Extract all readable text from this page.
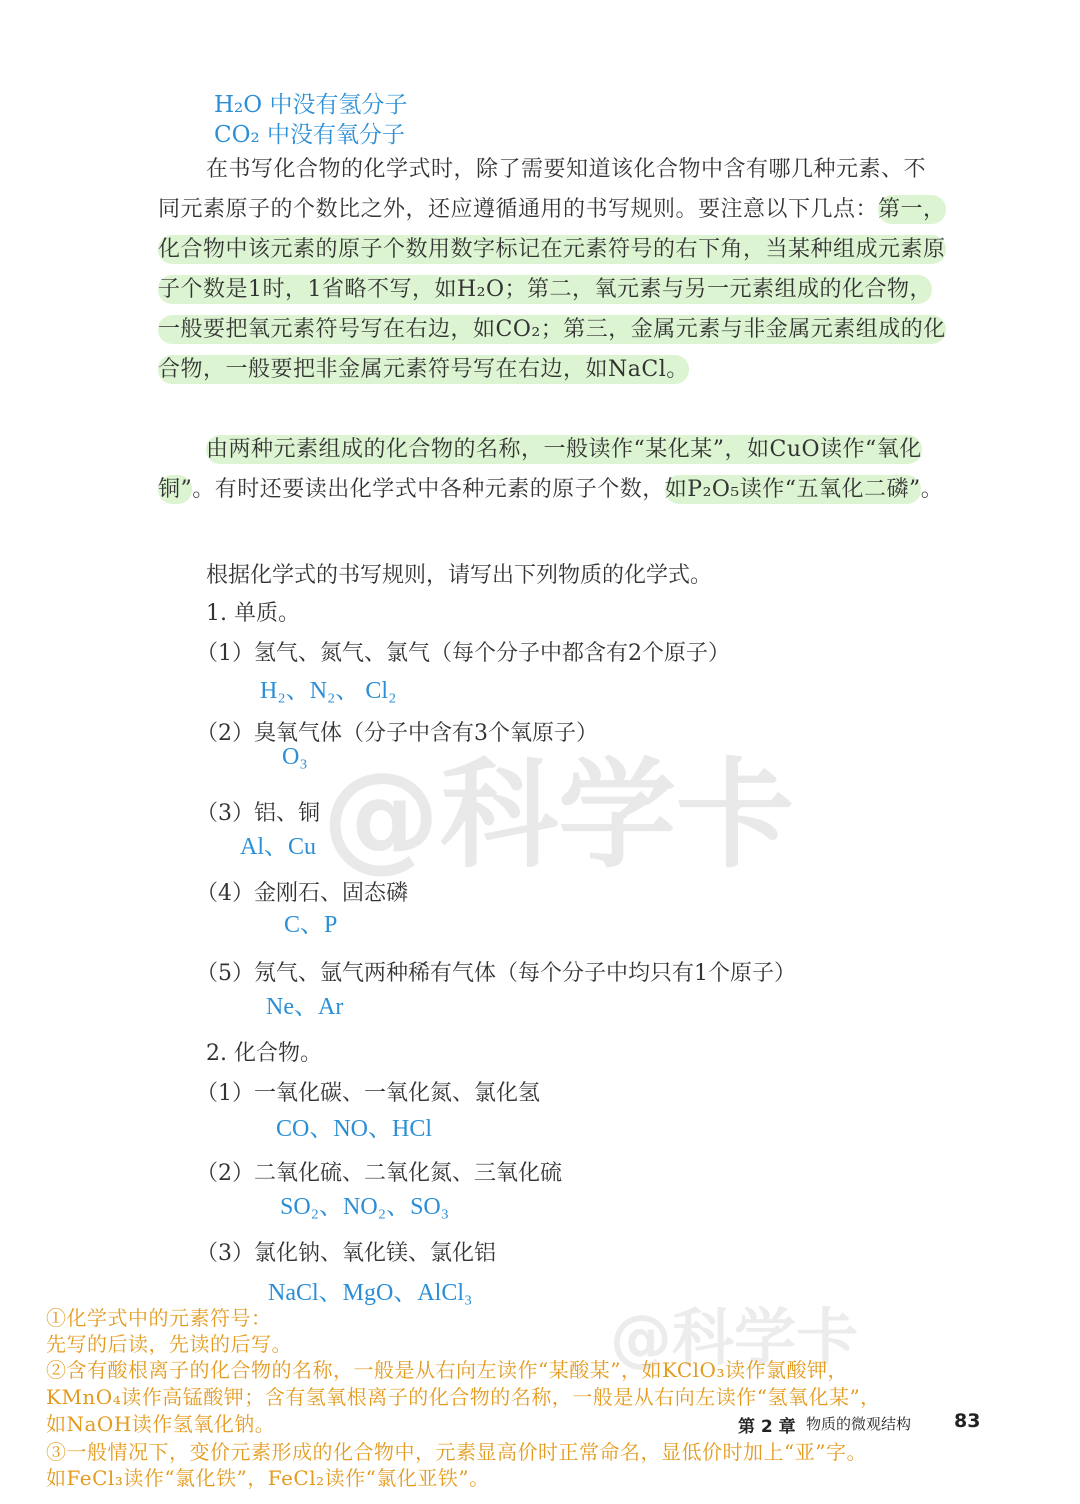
@科学卡
@科学卡
H₂O 中没有氢分子
CO₂ 中没有氧分子
在书写化合物的化学式时，除了需要知道该化合物中含有哪几种元素、不同元素原子的个数比之外，还应遵循通用的书写规则。要注意以下几点：第一，化合物中该元素的原子个数用数字标记在元素符号的右下角，当某种组成元素原子个数是1时，1省略不写，如H₂O；第二，氧元素与另一元素组成的化合物，一般要把氧元素符号写在右边，如CO₂；第三，金属元素与非金属元素组成的化合物，一般要把非金属元素符号写在右边，如NaCl。
由两种元素组成的化合物的名称，一般读作“某化某”，如CuO读作“氧化铜”。有时还要读出化学式中各种元素的原子个数，如P₂O₅读作“五氧化二磷”。
根据化学式的书写规则，请写出下列物质的化学式。
1. 单质。
（1）氢气、氮气、氯气（每个分子中都含有2个原子）
H₂、N₂、 Cl₂
（2）臭氧气体（分子中含有3个氧原子）
O₃
（3）铝、铜
Al、Cu
（4）金刚石、固态磷
C、P
（5）氖气、氩气两种稀有气体（每个分子中均只有1个原子）
Ne、Ar
2. 化合物。
（1）一氧化碳、一氧化氮、氯化氢
CO、NO、HCl
（2）二氧化硫、二氧化氮、三氧化硫
SO₂、NO₂、SO₃
（3）氯化钠、氧化镁、氯化铝
NaCl、MgO、AlCl₃
①化学式中的元素符号：
先写的后读，先读的后写。
②含有酸根离子的化合物的名称，一般是从右向左读作“某酸某”，如KClO₃读作氯酸钾，
KMnO₄读作高锰酸钾；含有氢氧根离子的化合物的名称，一般是从右向左读作“氢氧化某”，
如NaOH读作氢氧化钠。
③一般情况下，变价元素形成的化合物中，元素显高价时正常命名，显低价时加上“亚”字。
如FeCl₃读作“氯化铁”，FeCl₂读作“氯化亚铁”。
第 2 章 物质的微观结构 83
